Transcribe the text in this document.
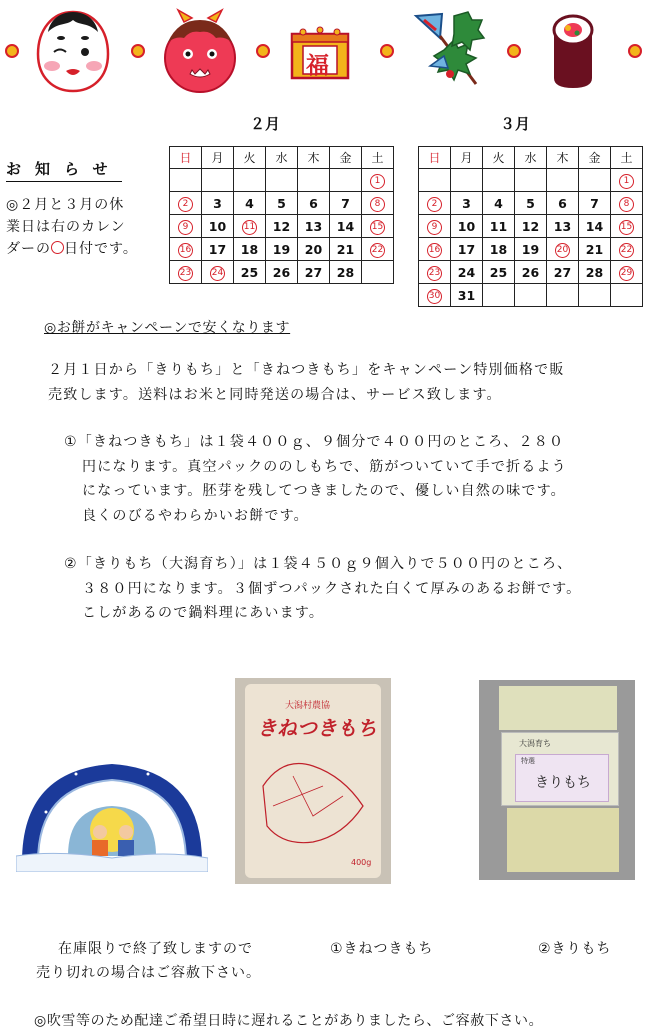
福
お知らせ
◎２月と３月の休
業日は右のカレン
ダーの 日付です。
２月
日	月	火	水	木	金	土
						1
2	3	4	5	6	7	8
9	10	11	12	13	14	15
16	17	18	19	20	21	22
23	24	25	26	27	28	
３月
日	月	火	水	木	金	土
						1
2	3	4	5	6	7	8
9	10	11	12	13	14	15
16	17	18	19	20	21	22
23	24	25	26	27	28	29
30	31					
◎お餅がキャンペーンで安くなります
２月１日から「きりもち」と「きねつきもち」をキャンペーン特別価格で販
売致します。送料はお米と同時発送の場合は、サービス致します。
①「きねつきもち」は１袋４００ｇ、９個分で４００円のところ、２８０
円になります。真空パックののしもちで、筋がついていて手で折るよう
になっています。胚芽を残してつきましたので、優しい自然の味です。
良くのびるやわらかいお餅です。
②「きりもち（大潟育ち）」は１袋４５０ｇ９個入りで５００円のところ、
３８０円になります。３個ずつパックされた白くて厚みのあるお餅です。
こしがあるので鍋料理にあいます。
大潟村農協
きねつきもち
400g
大潟育ち
特選
きりもち
在庫限りで終了致しますので
売り切れの場合はご容赦下さい。
①きねつきもち	②きりもち
◎吹雪等のため配達ご希望日時に遅れることがありましたら、ご容赦下さい。
